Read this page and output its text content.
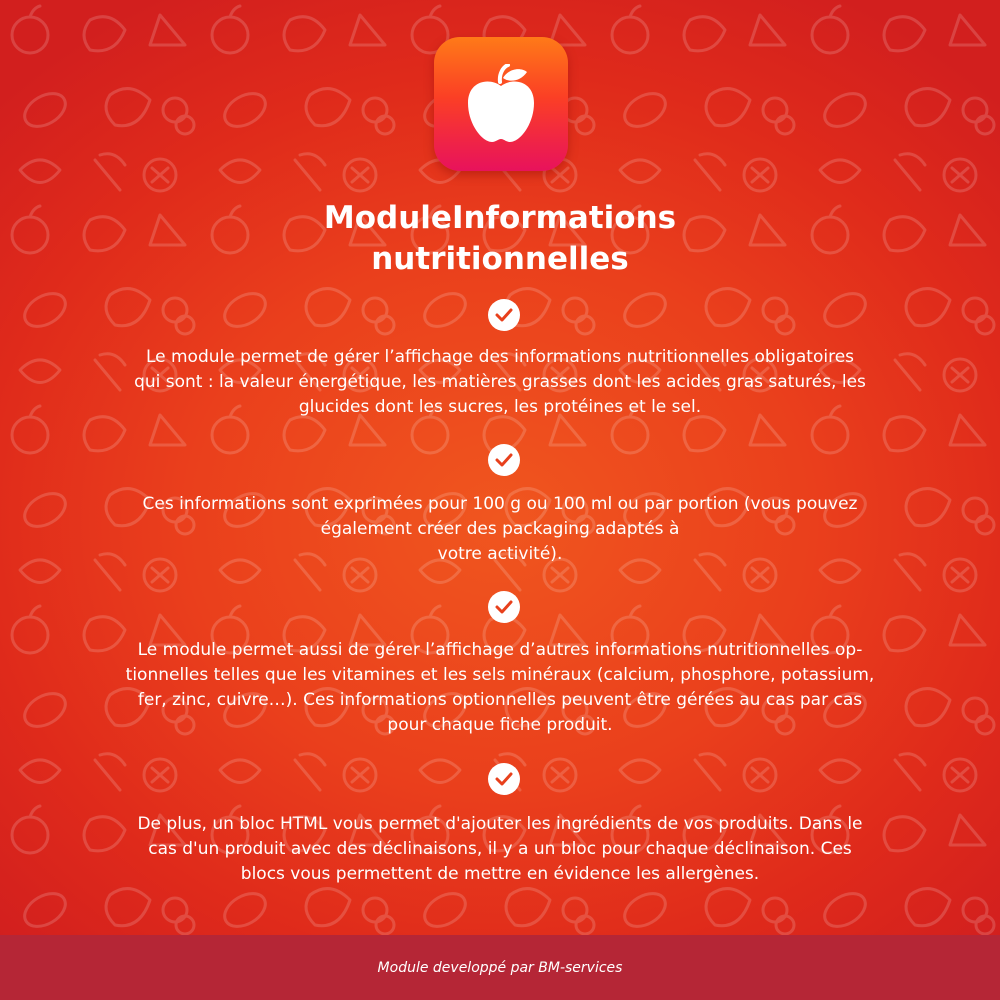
ModuleInformations
nutritionnelles

Le module permet de gérer l’affichage des informations nutritionnelles obligatoires
qui sont : la valeur énergétique, les matières grasses dont les acides gras saturés, les
glucides dont les sucres, les protéines et le sel.

Ces informations sont exprimées pour 100 g ou 100 ml ou par portion (vous pouvez
également créer des packaging adaptés à
votre activité).

Le module permet aussi de gérer l’affichage d’autres informations nutritionnelles op-
tionnelles telles que les vitamines et les sels minéraux (calcium, phosphore, potassium,
fer, zinc, cuivre…). Ces informations optionnelles peuvent être gérées au cas par cas
pour chaque fiche produit.

De plus, un bloc HTML vous permet d'ajouter les ingrédients de vos produits. Dans le
cas d'un produit avec des déclinaisons, il y a un bloc pour chaque déclinaison. Ces
blocs vous permettent de mettre en évidence les allergènes.

Module developpé par BM-services
